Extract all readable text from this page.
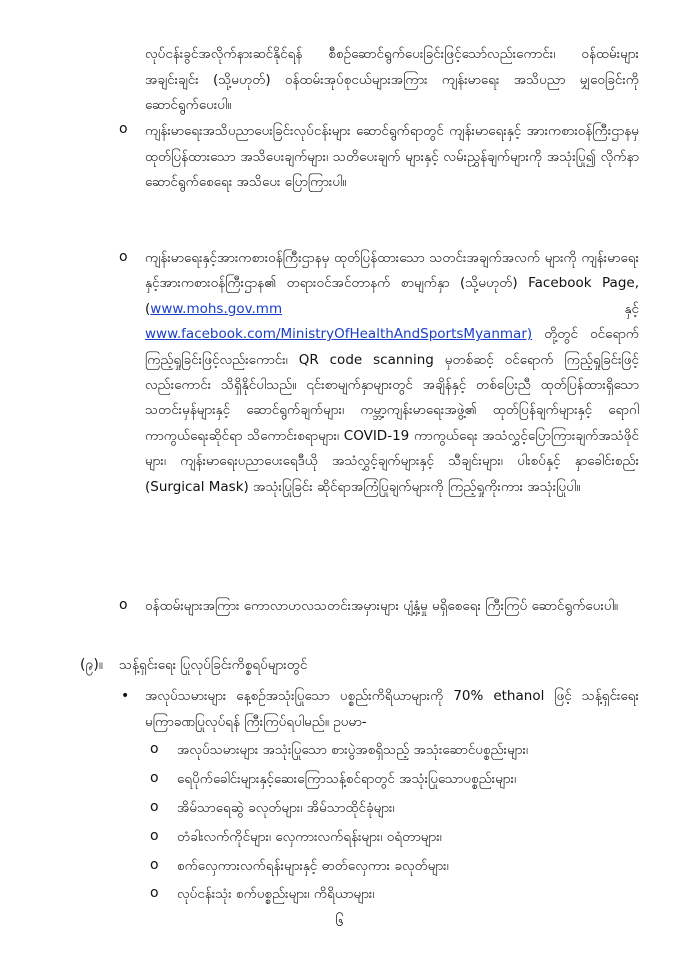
လုပ်ငန်းခွင်အလိုက်နားဆင်နိုင်ရန် စီစဉ်ဆောင်ရွက်ပေးခြင်းဖြင့်သော်လည်းကောင်း၊ ဝန်ထမ်းများအချင်းချင်း (သို့မဟုတ်) ဝန်ထမ်းအုပ်စုငယ်များအကြား ကျန်းမာရေး အသိပညာ မျှဝေခြင်းကို ဆောင်ရွက်ပေးပါ။

o ကျန်းမာရေးအသိပညာပေးခြင်းလုပ်ငန်းများ ဆောင်ရွက်ရာတွင် ကျန်းမာရေးနှင့် အားကစားဝန်ကြီးဌာနမှ ထုတ်ပြန်ထားသော အသိပေးချက်များ၊ သတိပေးချက် များနှင့် လမ်းညွှန်ချက်များကို အသုံးပြု၍ လိုက်နာဆောင်ရွက်စေရေး အသိပေး ပြောကြားပါ။

o ကျန်းမာရေးနှင့်အားကစားဝန်ကြီးဌာနမှ ထုတ်ပြန်ထားသော သတင်းအချက်အလက် များကို ကျန်းမာရေးနှင့်အားကစားဝန်ကြီးဌာန၏ တရားဝင်အင်တာနက် စာမျက်နှာ (သို့မဟုတ်) Facebook Page, (www.mohs.gov.mm နှင့် www.facebook.com/MinistryOfHealthAndSportsMyanmar) တို့တွင် ဝင်ရောက် ကြည့်ရှုခြင်းဖြင့်လည်းကောင်း၊ QR code scanning မှတစ်ဆင့် ဝင်ရောက် ကြည့်ရှုခြင်းဖြင့်လည်းကောင်း သိရှိနိုင်ပါသည်။ ၎င်းစာမျက်နှာများတွင် အချိန်နှင့် တစ်ပြေးညီ ထုတ်ပြန်ထားရှိသော သတင်းမှန်များနှင့် ဆောင်ရွက်ချက်များ၊ ကမ္ဘာ့ကျန်းမာရေးအဖွဲ့၏ ထုတ်ပြန်ချက်များနှင့် ရောဂါကာကွယ်ရေးဆိုင်ရာ သိကောင်းစရာများ၊ COVID-19 ကာကွယ်ရေး အသံလွှင့်ပြောကြားချက်အသံဖိုင်များ၊ ကျန်းမာရေးပညာပေးရေဒီယို အသံလွှင့်ချက်များနှင့် သီချင်းများ၊ ပါးစပ်နှင့် နှာခေါင်းစည်း (Surgical Mask) အသုံးပြုခြင်း ဆိုင်ရာအကြံပြုချက်များကို ကြည့်ရှုကိုးကား အသုံးပြုပါ။

o ဝန်ထမ်းများအကြား ကောလာဟလသတင်းအမှားများ ပျံ့နှံ့မှု မရှိစေရေး ကြီးကြပ် ဆောင်ရွက်ပေးပါ။

(၉)။ သန့်ရှင်းရေး ပြုလုပ်ခြင်းကိစ္စရပ်များတွင်
• အလုပ်သမားများ နေ့စဉ်အသုံးပြုသော ပစ္စည်းကိရိယာများကို 70% ethanol ဖြင့် သန့်ရှင်းရေး မကြာခဏပြုလုပ်ရန် ကြီးကြပ်ရပါမည်။ ဥပမာ-

o အလုပ်သမားများ အသုံးပြုသော စားပွဲအစရှိသည့် အသုံးဆောင်ပစ္စည်းများ၊
o ရေပိုက်ခေါင်းများနှင့်ဆေးကြောသန့်စင်ရာတွင် အသုံးပြုသောပစ္စည်းများ၊
o အိမ်သာရေဆွဲ ခလုတ်များ၊ အိမ်သာထိုင်ခုံများ၊
o တံခါးလက်ကိုင်များ၊ လှေကားလက်ရန်းများ၊ ဝရံတာများ၊
o စက်လှေကားလက်ရန်းများနှင့် ဓာတ်လှေကား ခလုတ်များ၊
o လုပ်ငန်းသုံး စက်ပစ္စည်းများ၊ ကိရိယာများ၊
၆
